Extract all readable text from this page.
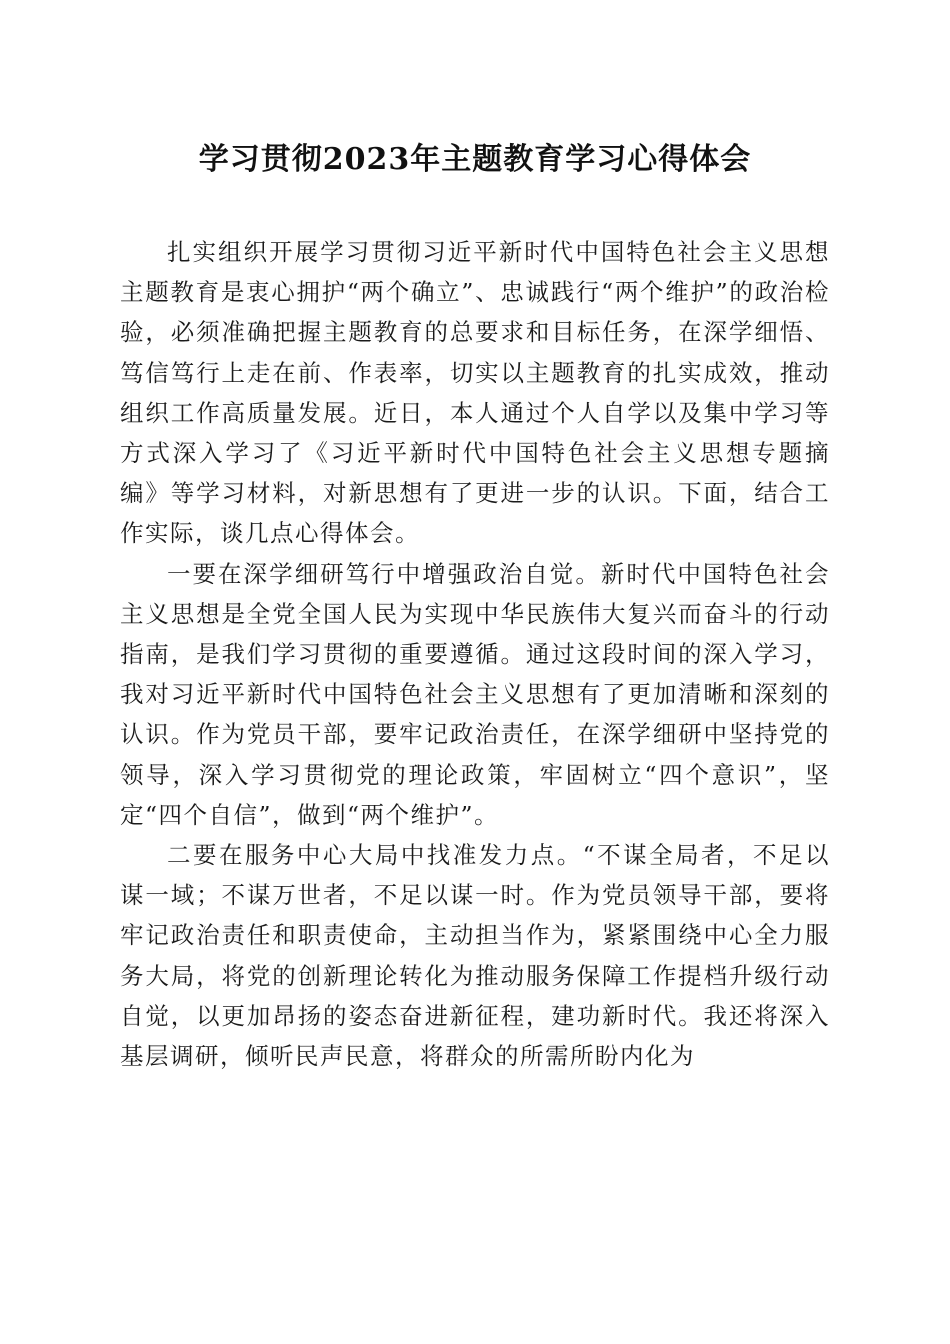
学习贯彻2023年主题教育学习心得体会

扎实组织开展学习贯彻习近平新时代中国特色社会主义思想主题教育是衷心拥护“两个确立”、忠诚践行“两个维护”的政治检验，必须准确把握主题教育的总要求和目标任务，在深学细悟、笃信笃行上走在前、作表率，切实以主题教育的扎实成效，推动组织工作高质量发展。近日，本人通过个人自学以及集中学习等方式深入学习了《习近平新时代中国特色社会主义思想专题摘编》等学习材料，对新思想有了更进一步的认识。下面，结合工作实际，谈几点心得体会。

一要在深学细研笃行中增强政治自觉。新时代中国特色社会主义思想是全党全国人民为实现中华民族伟大复兴而奋斗的行动指南，是我们学习贯彻的重要遵循。通过这段时间的深入学习，我对习近平新时代中国特色社会主义思想有了更加清晰和深刻的认识。作为党员干部，要牢记政治责任，在深学细研中坚持党的领导，深入学习贯彻党的理论政策，牢固树立“四个意识”，坚定“四个自信”，做到“两个维护”。

二要在服务中心大局中找准发力点。“不谋全局者，不足以谋一域；不谋万世者，不足以谋一时。作为党员领导干部，要将牢记政治责任和职责使命，主动担当作为，紧紧围绕中心全力服务大局，将党的创新理论转化为推动服务保障工作提档升级行动自觉，以更加昂扬的姿态奋进新征程，建功新时代。我还将深入基层调研，倾听民声民意，将群众的所需所盼内化为
